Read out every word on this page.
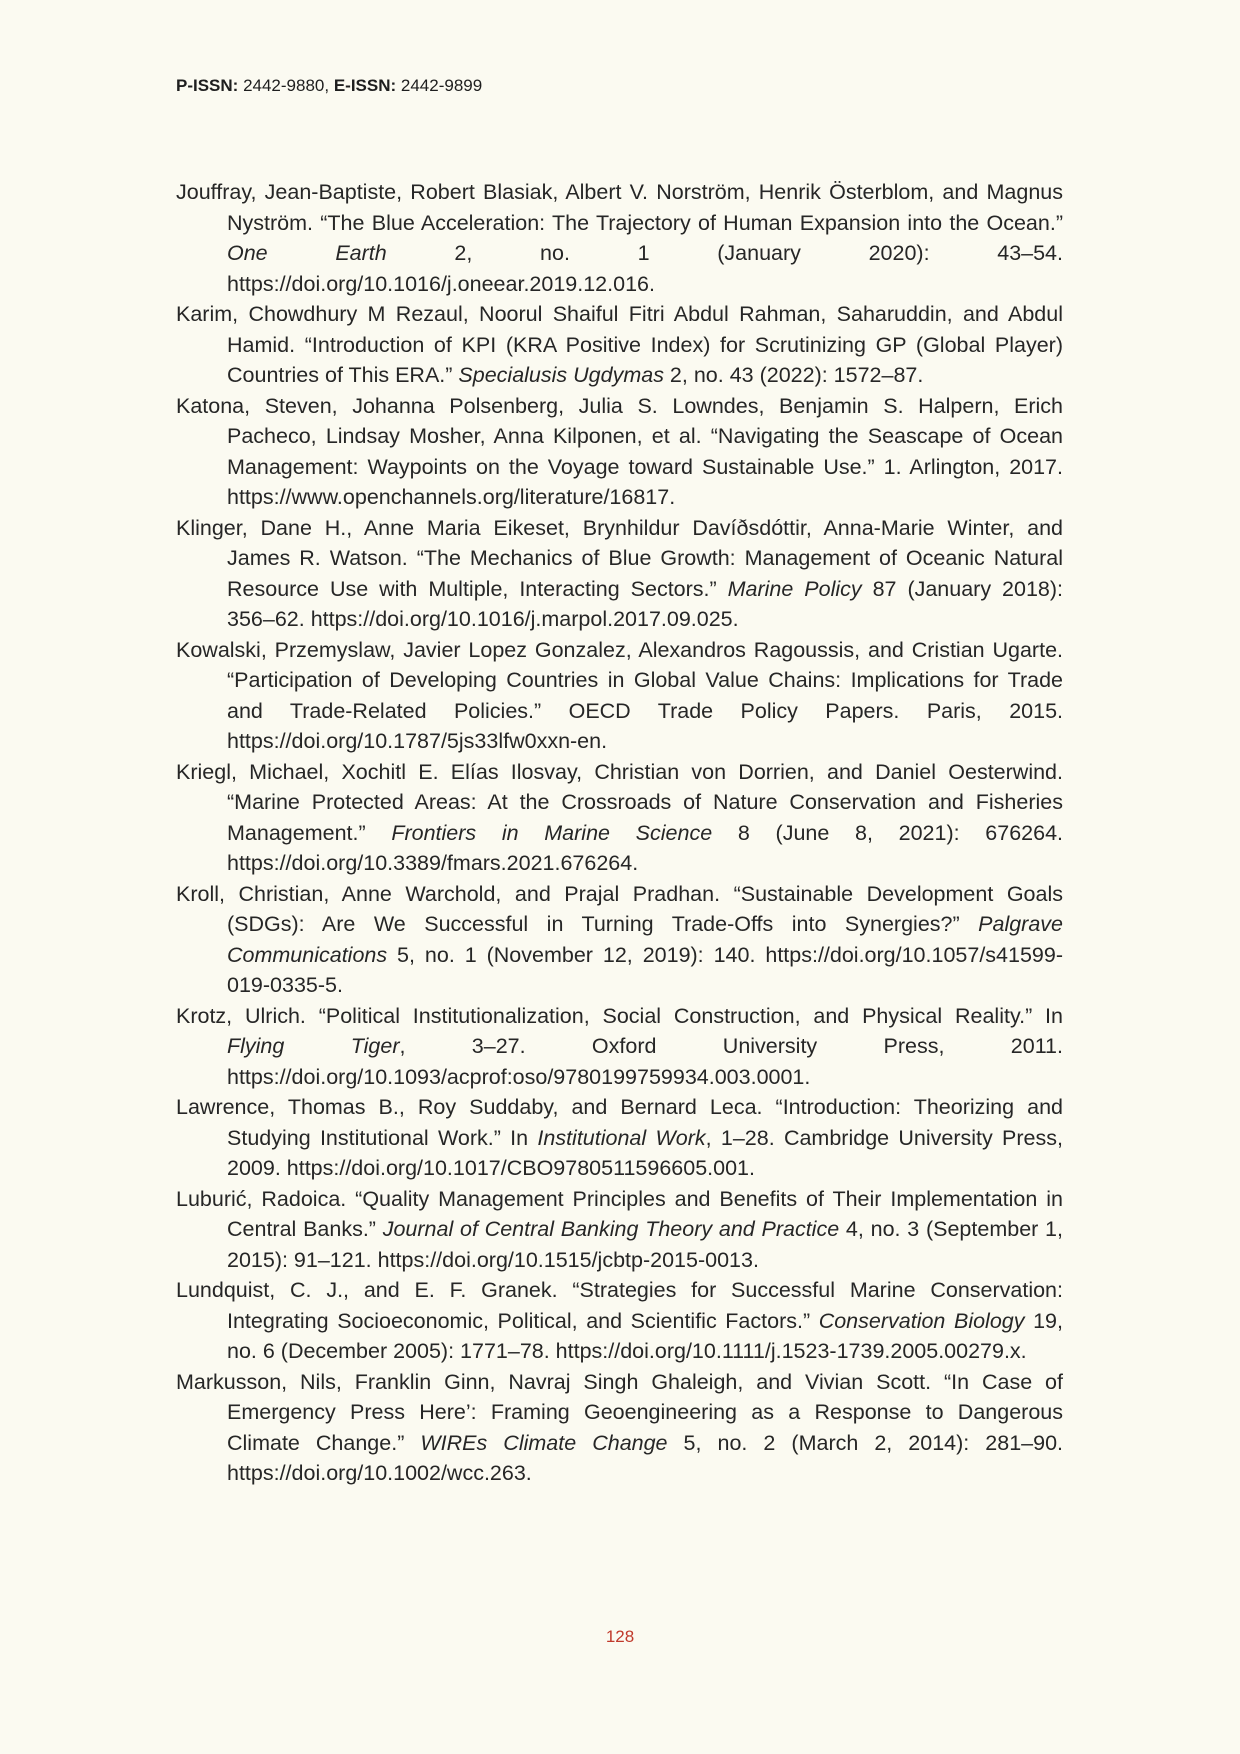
P-ISSN: 2442-9880, E-ISSN: 2442-9899

Jouffray, Jean-Baptiste, Robert Blasiak, Albert V. Norström, Henrik Österblom, and Magnus Nyström. “The Blue Acceleration: The Trajectory of Human Expansion into the Ocean.” One Earth 2, no. 1 (January 2020): 43–54. https://doi.org/10.1016/j.oneear.2019.12.016.

Karim, Chowdhury M Rezaul, Noorul Shaiful Fitri Abdul Rahman, Saharuddin, and Abdul Hamid. “Introduction of KPI (KRA Positive Index) for Scrutinizing GP (Global Player) Countries of This ERA.” Specialusis Ugdymas 2, no. 43 (2022): 1572–87.

Katona, Steven, Johanna Polsenberg, Julia S. Lowndes, Benjamin S. Halpern, Erich Pacheco, Lindsay Mosher, Anna Kilponen, et al. “Navigating the Seascape of Ocean Management: Waypoints on the Voyage toward Sustainable Use.” 1. Arlington, 2017. https://www.openchannels.org/literature/16817.

Klinger, Dane H., Anne Maria Eikeset, Brynhildur Davíðsdóttir, Anna-Marie Winter, and James R. Watson. “The Mechanics of Blue Growth: Management of Oceanic Natural Resource Use with Multiple, Interacting Sectors.” Marine Policy 87 (January 2018): 356–62. https://doi.org/10.1016/j.marpol.2017.09.025.

Kowalski, Przemyslaw, Javier Lopez Gonzalez, Alexandros Ragoussis, and Cristian Ugarte. “Participation of Developing Countries in Global Value Chains: Implications for Trade and Trade-Related Policies.” OECD Trade Policy Papers. Paris, 2015. https://doi.org/10.1787/5js33lfw0xxn-en.

Kriegl, Michael, Xochitl E. Elías Ilosvay, Christian von Dorrien, and Daniel Oesterwind. “Marine Protected Areas: At the Crossroads of Nature Conservation and Fisheries Management.” Frontiers in Marine Science 8 (June 8, 2021): 676264. https://doi.org/10.3389/fmars.2021.676264.

Kroll, Christian, Anne Warchold, and Prajal Pradhan. “Sustainable Development Goals (SDGs): Are We Successful in Turning Trade-Offs into Synergies?” Palgrave Communications 5, no. 1 (November 12, 2019): 140. https://doi.org/10.1057/s41599-019-0335-5.

Krotz, Ulrich. “Political Institutionalization, Social Construction, and Physical Reality.” In Flying Tiger, 3–27. Oxford University Press, 2011. https://doi.org/10.1093/acprof:oso/9780199759934.003.0001.

Lawrence, Thomas B., Roy Suddaby, and Bernard Leca. “Introduction: Theorizing and Studying Institutional Work.” In Institutional Work, 1–28. Cambridge University Press, 2009. https://doi.org/10.1017/CBO9780511596605.001.

Luburić, Radoica. “Quality Management Principles and Benefits of Their Implementation in Central Banks.” Journal of Central Banking Theory and Practice 4, no. 3 (September 1, 2015): 91–121. https://doi.org/10.1515/jcbtp-2015-0013.

Lundquist, C. J., and E. F. Granek. “Strategies for Successful Marine Conservation: Integrating Socioeconomic, Political, and Scientific Factors.” Conservation Biology 19, no. 6 (December 2005): 1771–78. https://doi.org/10.1111/j.1523-1739.2005.00279.x.

Markusson, Nils, Franklin Ginn, Navraj Singh Ghaleigh, and Vivian Scott. “In Case of Emergency Press Here’: Framing Geoengineering as a Response to Dangerous Climate Change.” WIREs Climate Change 5, no. 2 (March 2, 2014): 281–90. https://doi.org/10.1002/wcc.263.

128
